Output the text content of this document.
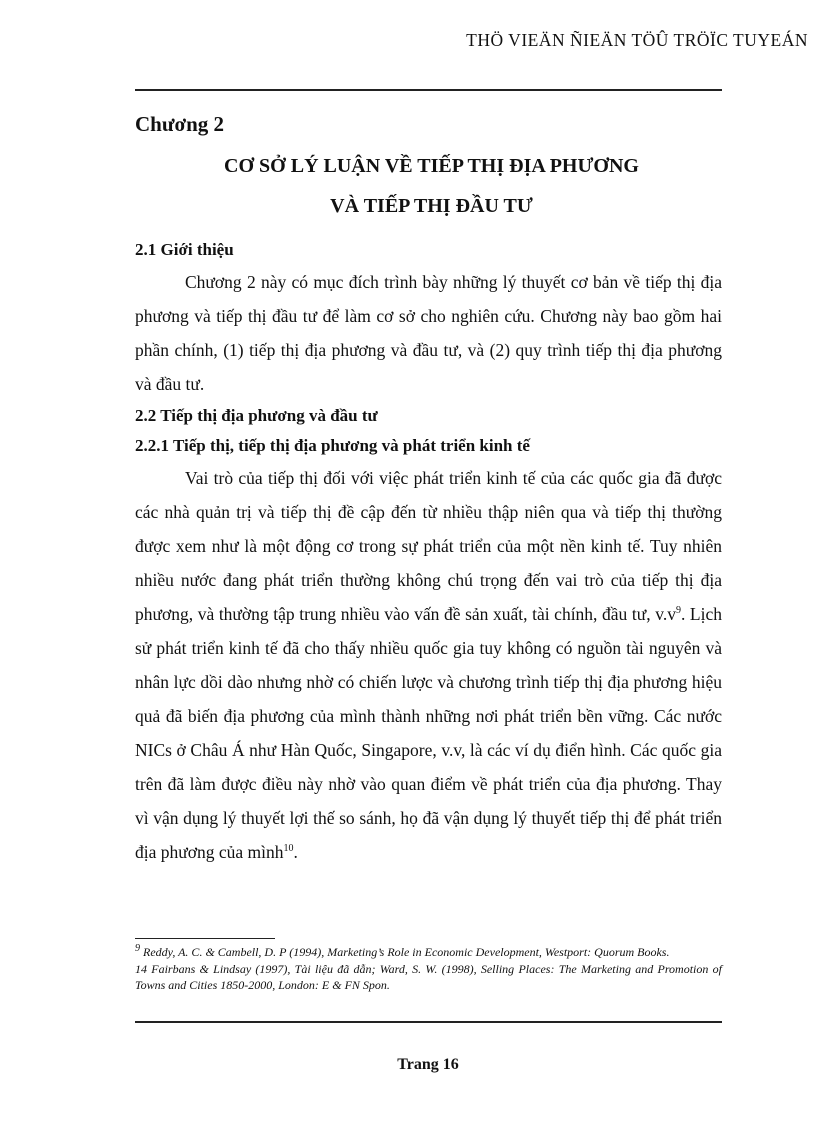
THÖ VIEÄN ÑIEÄN TÖÛ TRÖÏC TUYEÁN
Chương 2
CƠ SỞ LÝ LUẬN VỀ TIẾP THỊ ĐỊA PHƯƠNG
VÀ TIẾP THỊ ĐẦU TƯ
2.1 Giới thiệu

Chương 2 này có mục đích trình bày những lý thuyết cơ bản về tiếp thị địa phương và tiếp thị đầu tư để làm cơ sở cho nghiên cứu. Chương này bao gồm hai phần chính, (1) tiếp thị địa phương và đầu tư, và (2) quy trình tiếp thị địa phương và đầu tư.

2.2 Tiếp thị địa phương và đầu tư
2.2.1 Tiếp thị, tiếp thị địa phương và phát triển kinh tế

Vai trò của tiếp thị đối với việc phát triển kinh tế của các quốc gia đã được các nhà quản trị và tiếp thị đề cập đến từ nhiều thập niên qua và tiếp thị thường được xem như là một động cơ trong sự phát triển của một nền kinh tế. Tuy nhiên nhiều nước đang phát triển thường không chú trọng đến vai trò của tiếp thị địa phương, và thường tập trung nhiều vào vấn đề sản xuất, tài chính, đầu tư, $v.v^9$. Lịch sử phát triển kinh tế đã cho thấy nhiều quốc gia tuy không có nguồn tài nguyên và nhân lực dồi dào nhưng nhờ có chiến lược và chương trình tiếp thị địa phương hiệu quả đã biến địa phương của mình thành những nơi phát triển bền vững. Các nước NICs ở Châu Á như Hàn Quốc, Singapore, v.v, là các ví dụ điển hình. Các quốc gia trên đã làm được điều này nhờ vào quan điểm về phát triển của địa phương. Thay vì vận dụng lý thuyết lợi thế so sánh, họ đã vận dụng lý thuyết tiếp thị để phát triển địa phương của mình$^{10}$.

$^9$ Reddy, A. C. & Cambell, D. P (1994), Marketing’s Role in Economic Development, Westport: Quorum Books.
14 Fairbans & Lindsay (1997), Tài liệu đã dẫn; Ward, S. W. (1998), Selling Places: The Marketing and Promotion of Towns and Cities 1850-2000, London: E & FN Spon.
Trang 16
